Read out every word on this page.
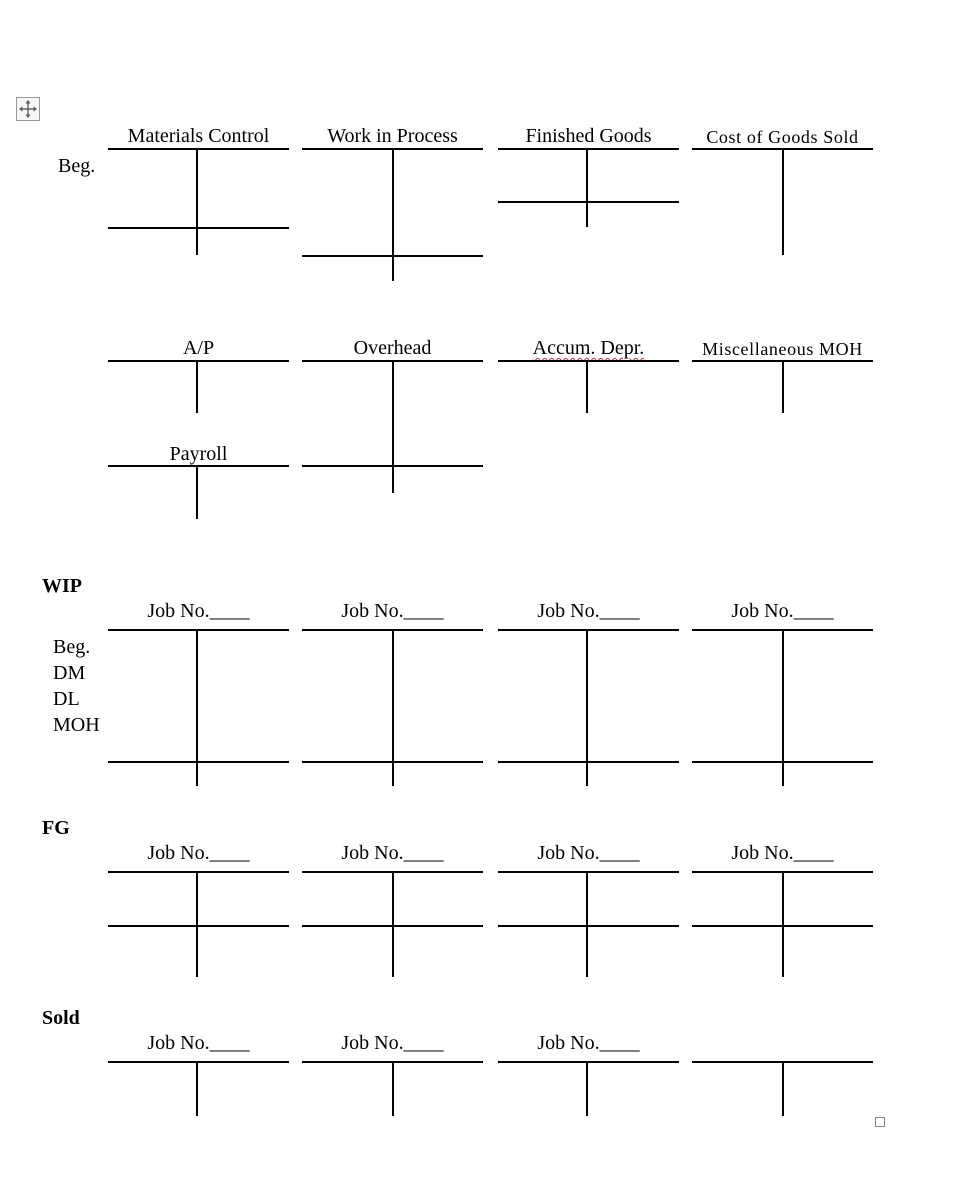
Beg.
Materials Control	Work in Process	Finished Goods	Cost of Goods Sold
A/P	Overhead	Accum. Depr.	Miscellaneous MOH
Payroll
WIP
Beg.
DM
DL
MOH
Job No.____	Job No.____	Job No.____	Job No.____
FG
Job No.____	Job No.____	Job No.____	Job No.____
Sold
Job No.____	Job No.____	Job No.____
